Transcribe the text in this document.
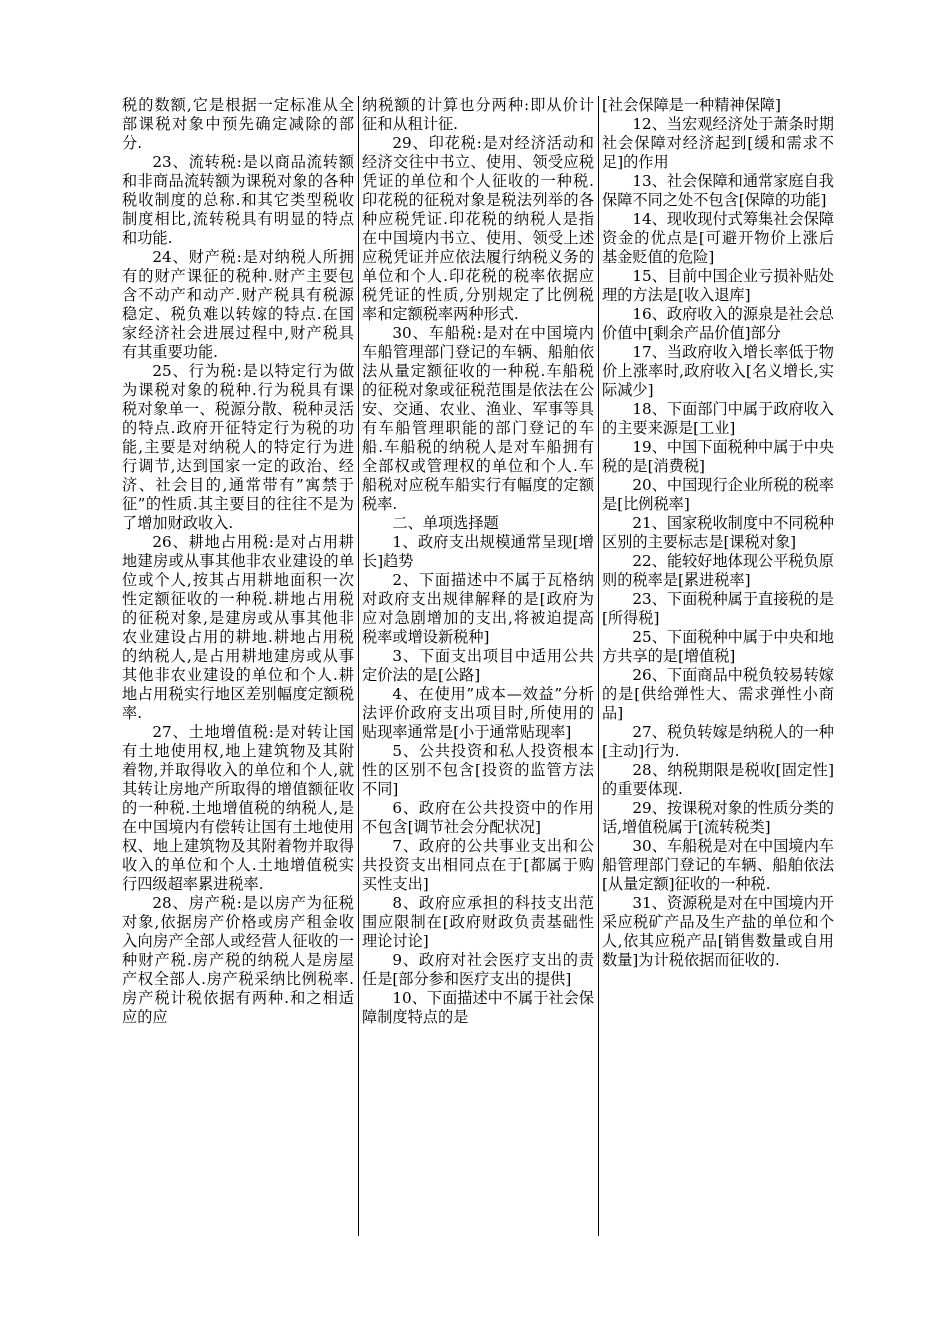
税的数额,它是根据一定标准从全部课税对象中预先确定减除的部分.

23、流转税:是以商品流转额和非商品流转额为课税对象的各种税收制度的总称.和其它类型税收制度相比,流转税具有明显的特点和功能.

24、财产税:是对纳税人所拥有的财产课征的税种.财产主要包含不动产和动产.财产税具有税源稳定、税负难以转嫁的特点.在国家经济社会进展过程中,财产税具有其重要功能.

25、行为税:是以特定行为做为课税对象的税种.行为税具有课税对象单一、税源分散、税种灵活的特点.政府开征特定行为税的功能,主要是对纳税人的特定行为进行调节,达到国家一定的政治、经济、社会目的,通常带有”寓禁于征”的性质.其主要目的往往不是为了增加财政收入.

26、耕地占用税:是对占用耕地建房或从事其他非农业建设的单位或个人,按其占用耕地面积一次性定额征收的一种税.耕地占用税的征税对象,是建房或从事其他非农业建设占用的耕地.耕地占用税的纳税人,是占用耕地建房或从事其他非农业建设的单位和个人.耕地占用税实行地区差别幅度定额税率.

27、土地增值税:是对转让国有土地使用权,地上建筑物及其附着物,并取得收入的单位和个人,就其转让房地产所取得的增值额征收的一种税.土地增值税的纳税人,是在中国境内有偿转让国有土地使用权、地上建筑物及其附着物并取得收入的单位和个人.土地增值税实行四级超率累进税率.

28、房产税:是以房产为征税对象,依据房产价格或房产租金收入向房产全部人或经营人征收的一种财产税.房产税的纳税人是房屋产权全部人.房产税采纳比例税率.房产税计税依据有两种.和之相适应的应

纳税额的计算也分两种:即从价计征和从租计征.

29、印花税:是对经济活动和经济交往中书立、使用、领受应税凭证的单位和个人征收的一种税.印花税的征税对象是税法列举的各种应税凭证.印花税的纳税人是指在中国境内书立、使用、领受上述应税凭证并应依法履行纳税义务的单位和个人.印花税的税率依据应税凭证的性质,分别规定了比例税率和定额税率两种形式.

30、车船税:是对在中国境内车船管理部门登记的车辆、船舶依法从量定额征收的一种税.车船税的征税对象或征税范围是依法在公安、交通、农业、渔业、军事等具有车船管理职能的部门登记的车船.车船税的纳税人是对车船拥有全部权或管理权的单位和个人.车船税对应税车船实行有幅度的定额税率.

二、单项选择题

1、政府支出规模通常呈现[增长]趋势

2、下面描述中不属于瓦格纳对政府支出规律解释的是[政府为应对急剧增加的支出,将被迫提高税率或增设新税种]

3、下面支出项目中适用公共定价法的是[公路]

4、在使用”成本—效益”分析法评价政府支出项目时,所使用的贴现率通常是[小于通常贴现率]

5、公共投资和私人投资根本性的区别不包含[投资的监管方法不同]

6、政府在公共投资中的作用不包含[调节社会分配状况]

7、政府的公共事业支出和公共投资支出相同点在于[都属于购买性支出]

8、政府应承担的科技支出范围应限制在[政府财政负责基础性理论讨论]

9、政府对社会医疗支出的责任是[部分参和医疗支出的提供]

10、下面描述中不属于社会保障制度特点的是

[社会保障是一种精神保障]

12、当宏观经济处于萧条时期社会保障对经济起到[缓和需求不足]的作用

13、社会保障和通常家庭自我保障不同之处不包含[保障的功能]

14、现收现付式筹集社会保障资金的优点是[可避开物价上涨后基金贬值的危险]

15、目前中国企业亏损补贴处理的方法是[收入退库]

16、政府收入的源泉是社会总价值中[剩余产品价值]部分

17、当政府收入增长率低于物价上涨率时,政府收入[名义增长,实际减少]

18、下面部门中属于政府收入的主要来源是[工业]

19、中国下面税种中属于中央税的是[消费税]

20、中国现行企业所税的税率是[比例税率]

21、国家税收制度中不同税种区别的主要标志是[课税对象]

22、能较好地体现公平税负原则的税率是[累进税率]

23、下面税种属于直接税的是[所得税]

25、下面税种中属于中央和地方共享的是[增值税]

26、下面商品中税负较易转嫁的是[供给弹性大、需求弹性小商品]

27、税负转嫁是纳税人的一种[主动]行为.

28、纳税期限是税收[固定性]的重要体现.

29、按课税对象的性质分类的话,增值税属于[流转税类]

30、车船税是对在中国境内车船管理部门登记的车辆、船舶依法[从量定额]征收的一种税.

31、资源税是对在中国境内开采应税矿产品及生产盐的单位和个人,依其应税产品[销售数量或自用数量]为计税依据而征收的.
